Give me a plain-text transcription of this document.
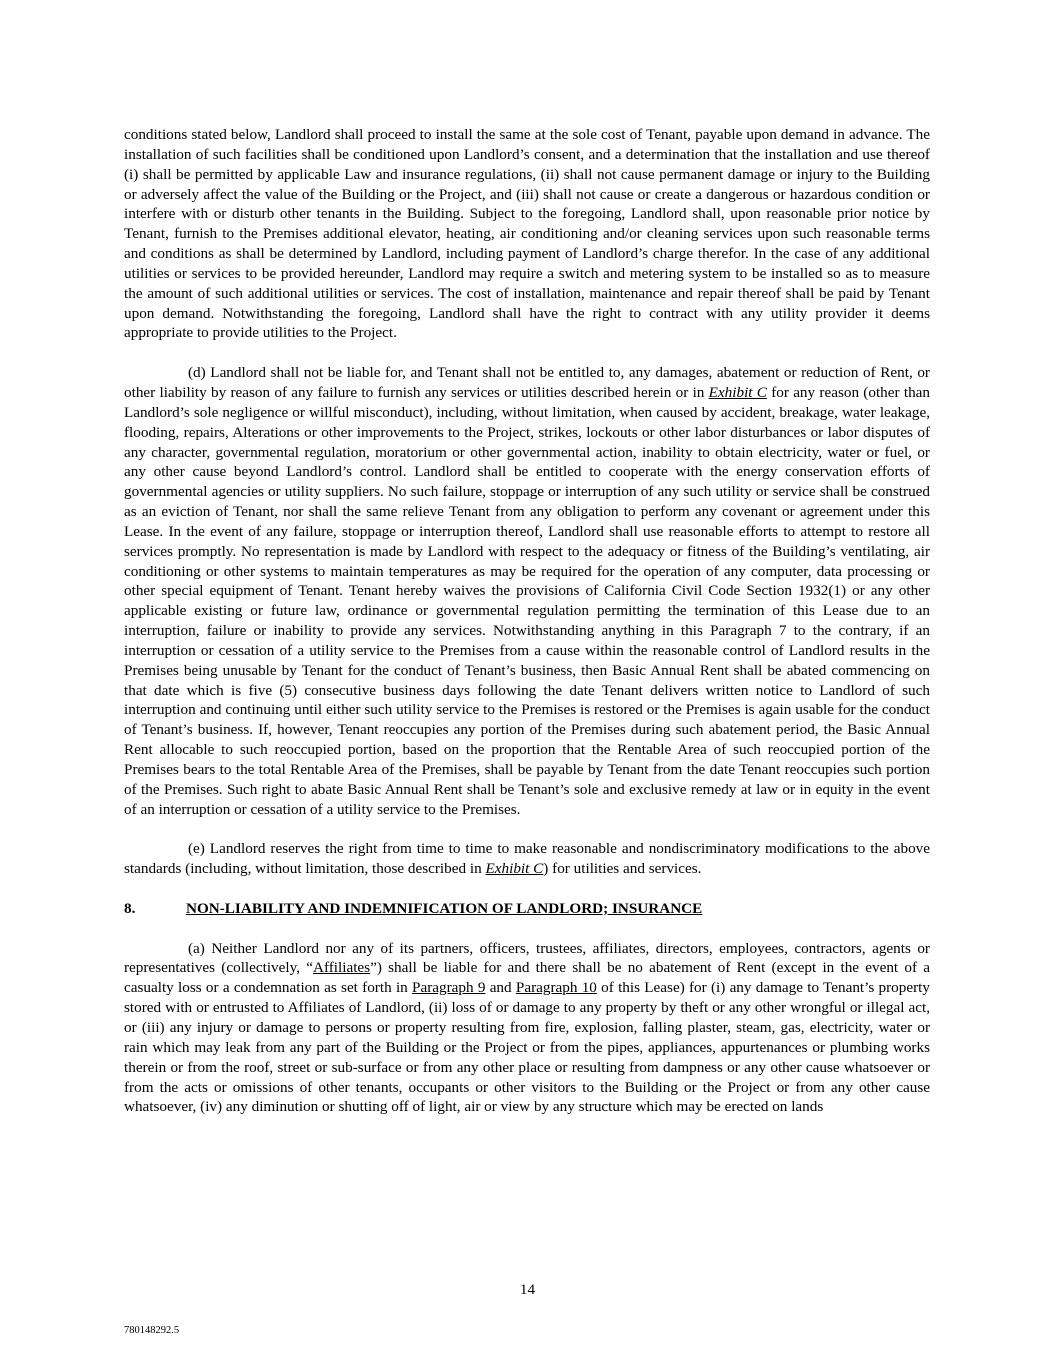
conditions stated below, Landlord shall proceed to install the same at the sole cost of Tenant, payable upon demand in advance. The installation of such facilities shall be conditioned upon Landlord’s consent, and a determination that the installation and use thereof (i) shall be permitted by applicable Law and insurance regulations, (ii) shall not cause permanent damage or injury to the Building or adversely affect the value of the Building or the Project, and (iii) shall not cause or create a dangerous or hazardous condition or interfere with or disturb other tenants in the Building. Subject to the foregoing, Landlord shall, upon reasonable prior notice by Tenant, furnish to the Premises additional elevator, heating, air conditioning and/or cleaning services upon such reasonable terms and conditions as shall be determined by Landlord, including payment of Landlord’s charge therefor. In the case of any additional utilities or services to be provided hereunder, Landlord may require a switch and metering system to be installed so as to measure the amount of such additional utilities or services. The cost of installation, maintenance and repair thereof shall be paid by Tenant upon demand. Notwithstanding the foregoing, Landlord shall have the right to contract with any utility provider it deems appropriate to provide utilities to the Project.

(d) Landlord shall not be liable for, and Tenant shall not be entitled to, any damages, abatement or reduction of Rent, or other liability by reason of any failure to furnish any services or utilities described herein or in Exhibit C for any reason (other than Landlord’s sole negligence or willful misconduct), including, without limitation, when caused by accident, breakage, water leakage, flooding, repairs, Alterations or other improvements to the Project, strikes, lockouts or other labor disturbances or labor disputes of any character, governmental regulation, moratorium or other governmental action, inability to obtain electricity, water or fuel, or any other cause beyond Landlord’s control. Landlord shall be entitled to cooperate with the energy conservation efforts of governmental agencies or utility suppliers. No such failure, stoppage or interruption of any such utility or service shall be construed as an eviction of Tenant, nor shall the same relieve Tenant from any obligation to perform any covenant or agreement under this Lease. In the event of any failure, stoppage or interruption thereof, Landlord shall use reasonable efforts to attempt to restore all services promptly. No representation is made by Landlord with respect to the adequacy or fitness of the Building’s ventilating, air conditioning or other systems to maintain temperatures as may be required for the operation of any computer, data processing or other special equipment of Tenant. Tenant hereby waives the provisions of California Civil Code Section 1932(1) or any other applicable existing or future law, ordinance or governmental regulation permitting the termination of this Lease due to an interruption, failure or inability to provide any services. Notwithstanding anything in this Paragraph 7 to the contrary, if an interruption or cessation of a utility service to the Premises from a cause within the reasonable control of Landlord results in the Premises being unusable by Tenant for the conduct of Tenant’s business, then Basic Annual Rent shall be abated commencing on that date which is five (5) consecutive business days following the date Tenant delivers written notice to Landlord of such interruption and continuing until either such utility service to the Premises is restored or the Premises is again usable for the conduct of Tenant’s business. If, however, Tenant reoccupies any portion of the Premises during such abatement period, the Basic Annual Rent allocable to such reoccupied portion, based on the proportion that the Rentable Area of such reoccupied portion of the Premises bears to the total Rentable Area of the Premises, shall be payable by Tenant from the date Tenant reoccupies such portion of the Premises. Such right to abate Basic Annual Rent shall be Tenant’s sole and exclusive remedy at law or in equity in the event of an interruption or cessation of a utility service to the Premises.

(e) Landlord reserves the right from time to time to make reasonable and nondiscriminatory modifications to the above standards (including, without limitation, those described in Exhibit C) for utilities and services.

8.	NON-LIABILITY AND INDEMNIFICATION OF LANDLORD; INSURANCE

(a) Neither Landlord nor any of its partners, officers, trustees, affiliates, directors, employees, contractors, agents or representatives (collectively, “Affiliates”) shall be liable for and there shall be no abatement of Rent (except in the event of a casualty loss or a condemnation as set forth in Paragraph 9 and Paragraph 10 of this Lease) for (i) any damage to Tenant’s property stored with or entrusted to Affiliates of Landlord, (ii) loss of or damage to any property by theft or any other wrongful or illegal act, or (iii) any injury or damage to persons or property resulting from fire, explosion, falling plaster, steam, gas, electricity, water or rain which may leak from any part of the Building or the Project or from the pipes, appliances, appurtenances or plumbing works therein or from the roof, street or sub-surface or from any other place or resulting from dampness or any other cause whatsoever or from the acts or omissions of other tenants, occupants or other visitors to the Building or the Project or from any other cause whatsoever, (iv) any diminution or shutting off of light, air or view by any structure which may be erected on lands

14
780148292.5
